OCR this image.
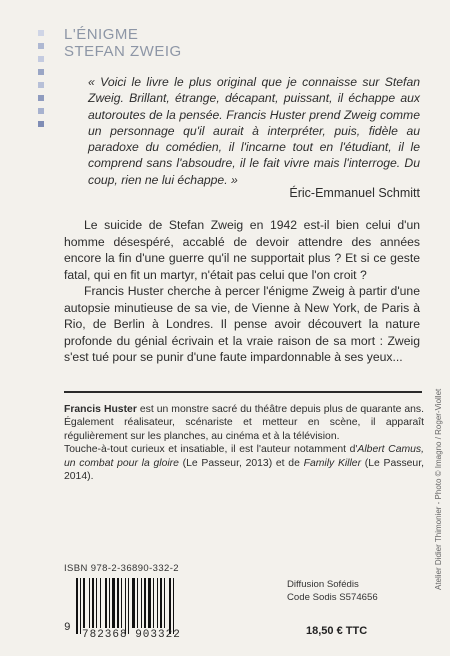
L'ÉNIGME
STEFAN ZWEIG
« Voici le livre le plus original que je connaisse sur Stefan Zweig. Brillant, étrange, décapant, puissant, il échappe aux autoroutes de la pensée. Francis Huster prend Zweig comme un personnage qu'il aurait à interpréter, puis, fidèle au paradoxe du comédien, il l'incarne tout en l'étudiant, il le comprend sans l'absoudre, il le fait vivre mais l'interroge. Du coup, rien ne lui échappe. »
Éric-Emmanuel Schmitt

Le suicide de Stefan Zweig en 1942 est-il bien celui d'un homme désespéré, accablé de devoir attendre des années encore la fin d'une guerre qu'il ne supportait plus ? Et si ce geste fatal, qui en fit un martyr, n'était pas celui que l'on croit ?

Francis Huster cherche à percer l'énigme Zweig à partir d'une autopsie minutieuse de sa vie, de Vienne à New York, de Paris à Rio, de Berlin à Londres. Il pense avoir découvert la nature profonde du génial écrivain et la vraie raison de sa mort : Zweig s'est tué pour se punir d'une faute impardonnable à ses yeux...

Francis Huster est un monstre sacré du théâtre depuis plus de quarante ans. Également réalisateur, scénariste et metteur en scène, il apparaît régulièrement sur les planches, au cinéma et à la télévision.

Touche-à-tout curieux et insatiable, il est l'auteur notamment d'Albert Camus, un combat pour la gloire (Le Passeur, 2013) et de Family Killer (Le Passeur, 2014).

ISBN 978-2-36890-332-2
9
782368 903322
Diffusion Sofédis
Code Sodis S574656
18,50 € TTC
Atelier Didier Thimonier - Photo © Imagno / Roger-Viollet
